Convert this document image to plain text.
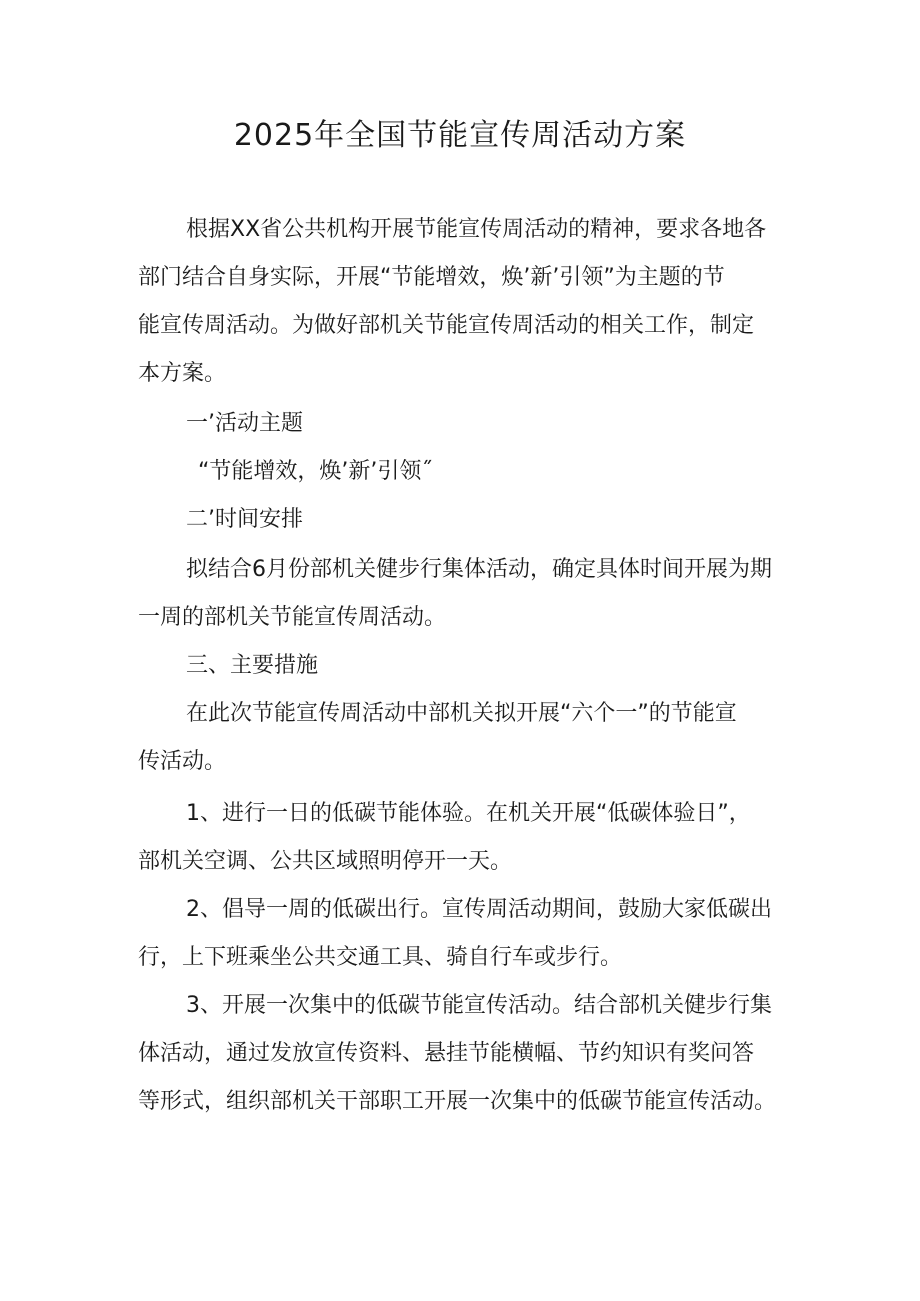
2025年全国节能宣传周活动方案
根据XX省公共机构开展节能宣传周活动的精神，要求各地各
部门结合自身实际，开展“节能增效，焕’新’引领”为主题的节
能宣传周活动。为做好部机关节能宣传周活动的相关工作，制定
本方案。
一’活动主题
“节能增效，焕’新’引领˝
二’时间安排
拟结合6月份部机关健步行集体活动，确定具体时间开展为期
一周的部机关节能宣传周活动。
三、主要措施
在此次节能宣传周活动中部机关拟开展“六个一”的节能宣
传活动。
1、进行一日的低碳节能体验。在机关开展“低碳体验日”，
部机关空调、公共区域照明停开一天。
2、倡导一周的低碳出行。宣传周活动期间，鼓励大家低碳出
行，上下班乘坐公共交通工具、骑自行车或步行。
3、开展一次集中的低碳节能宣传活动。结合部机关健步行集
体活动，通过发放宣传资料、悬挂节能横幅、节约知识有奖问答
等形式，组织部机关干部职工开展一次集中的低碳节能宣传活动。
